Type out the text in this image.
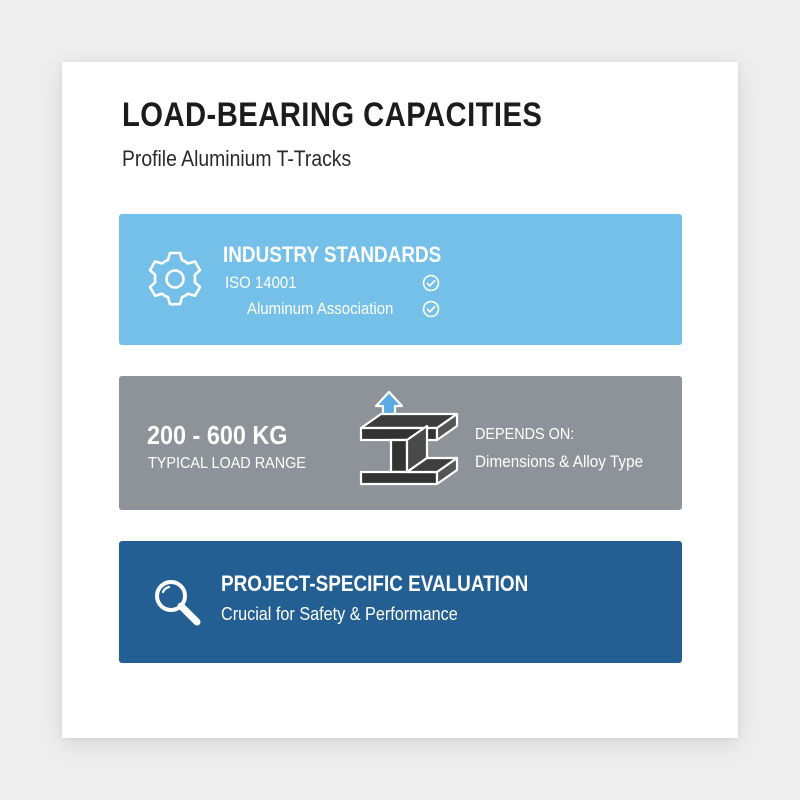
LOAD-BEARING CAPACITIES
Profile Aluminium T-Tracks
INDUSTRY STANDARDS
ISO 14001
Aluminum Association
200 - 600 KG
TYPICAL LOAD RANGE
DEPENDS ON:
Dimensions & Alloy Type
PROJECT-SPECIFIC EVALUATION
Crucial for Safety & Performance
